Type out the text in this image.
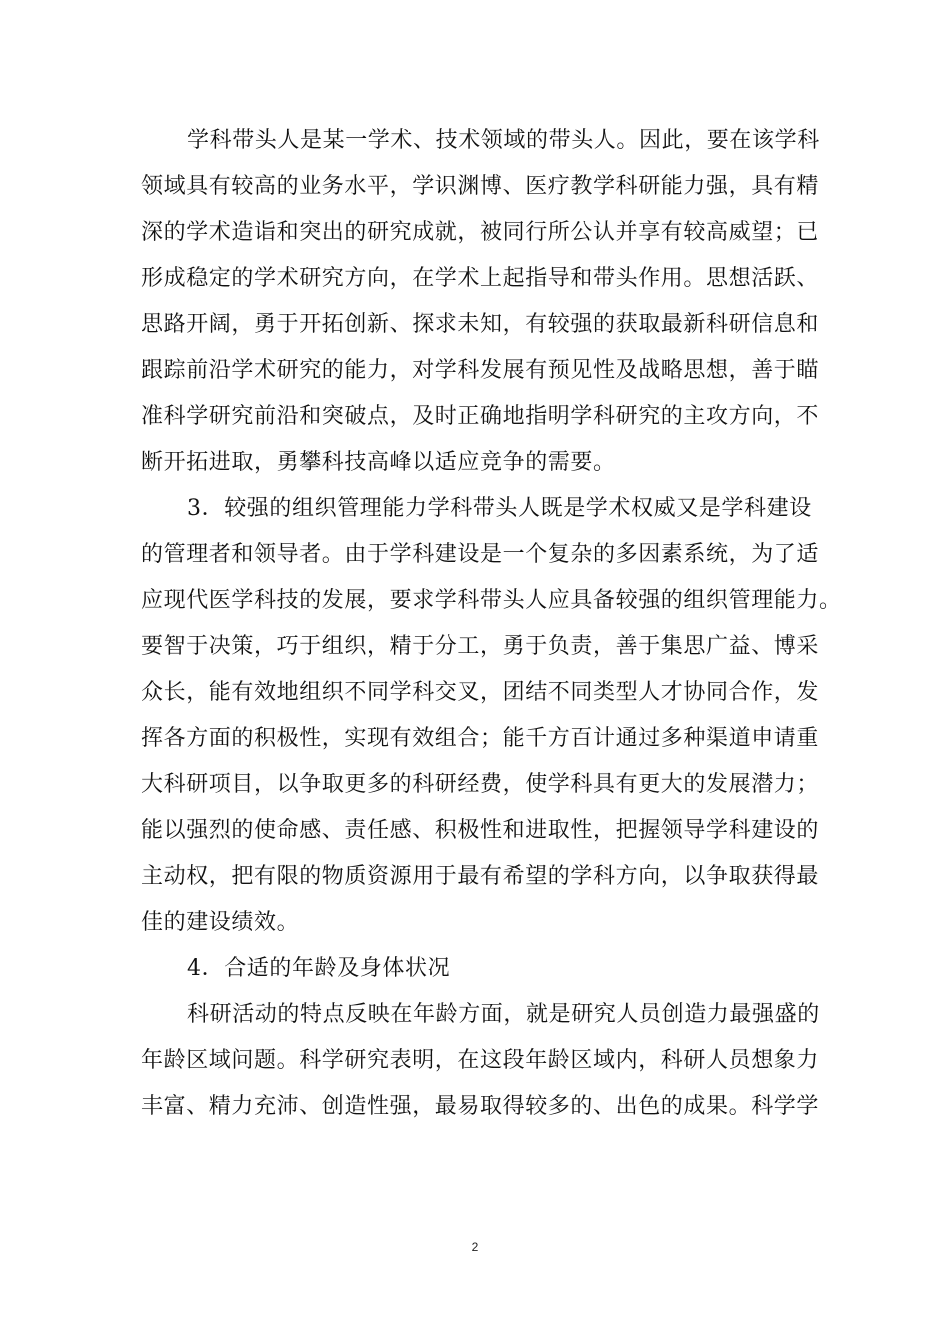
学科带头人是某一学术、技术领域的带头人。因此，要在该学科
领域具有较高的业务水平，学识渊博、医疗教学科研能力强，具有精
深的学术造诣和突出的研究成就，被同行所公认并享有较高威望；已
形成稳定的学术研究方向，在学术上起指导和带头作用。思想活跃、
思路开阔，勇于开拓创新、探求未知，有较强的获取最新科研信息和
跟踪前沿学术研究的能力，对学科发展有预见性及战略思想，善于瞄
准科学研究前沿和突破点，及时正确地指明学科研究的主攻方向，不
断开拓进取，勇攀科技高峰以适应竞争的需要。
3．较强的组织管理能力学科带头人既是学术权威又是学科建设
的管理者和领导者。由于学科建设是一个复杂的多因素系统，为了适
应现代医学科技的发展，要求学科带头人应具备较强的组织管理能力。
要智于决策，巧于组织，精于分工，勇于负责，善于集思广益、博采
众长，能有效地组织不同学科交叉，团结不同类型人才协同合作，发
挥各方面的积极性，实现有效组合；能千方百计通过多种渠道申请重
大科研项目，以争取更多的科研经费，使学科具有更大的发展潜力；
能以强烈的使命感、责任感、积极性和进取性，把握领导学科建设的
主动权，把有限的物质资源用于最有希望的学科方向，以争取获得最
佳的建设绩效。
4．合适的年龄及身体状况
科研活动的特点反映在年龄方面，就是研究人员创造力最强盛的
年龄区域问题。科学研究表明，在这段年龄区域内，科研人员想象力
丰富、精力充沛、创造性强，最易取得较多的、出色的成果。科学学
2
